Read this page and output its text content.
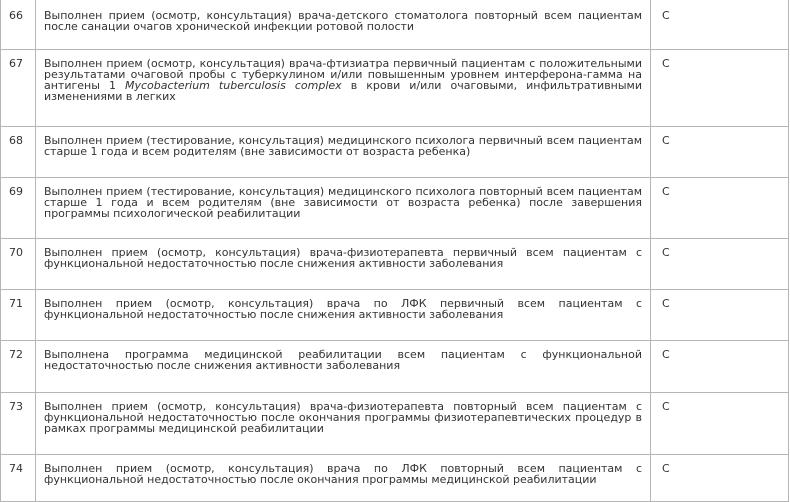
66	Выполнен прием (осмотр, консультация) врача-детского стоматолога повторный всем пациентам после санации очагов хронической инфекции ротовой полости	С
67	Выполнен прием (осмотр, консультация) врача-фтизиатра первичный пациентам с положительными результатами очаговой пробы с туберкулином и/или повышенным уровнем интерферона-гамма на антигены 1 Mycobacterium tuberculosis complex в крови и/или очаговыми, инфильтративными изменениями в легких	С
68	Выполнен прием (тестирование, консультация) медицинского психолога первичный всем пациентам старше 1 года и всем родителям (вне зависимости от возраста ребенка)	С
69	Выполнен прием (тестирование, консультация) медицинского психолога повторный всем пациентам старше 1 года и всем родителям (вне зависимости от возраста ребенка) после завершения программы психологической реабилитации	С
70	Выполнен прием (осмотр, консультация) врача-физиотерапевта первичный всем пациентам с функциональной недостаточностью после снижения активности заболевания	С
71	Выполнен прием (осмотр, консультация) врача по ЛФК первичный всем пациентам с функциональной недостаточностью после снижения активности заболевания	С
72	Выполнена программа медицинской реабилитации всем пациентам с функциональной недостаточностью после снижения активности заболевания	С
73	Выполнен прием (осмотр, консультация) врача-физиотерапевта повторный всем пациентам с функциональной недостаточностью после окончания программы физиотерапевтических процедур в рамках программы медицинской реабилитации	С
74	Выполнен прием (осмотр, консультация) врача по ЛФК повторный всем пациентам с функциональной недостаточностью после окончания программы медицинской реабилитации	С
